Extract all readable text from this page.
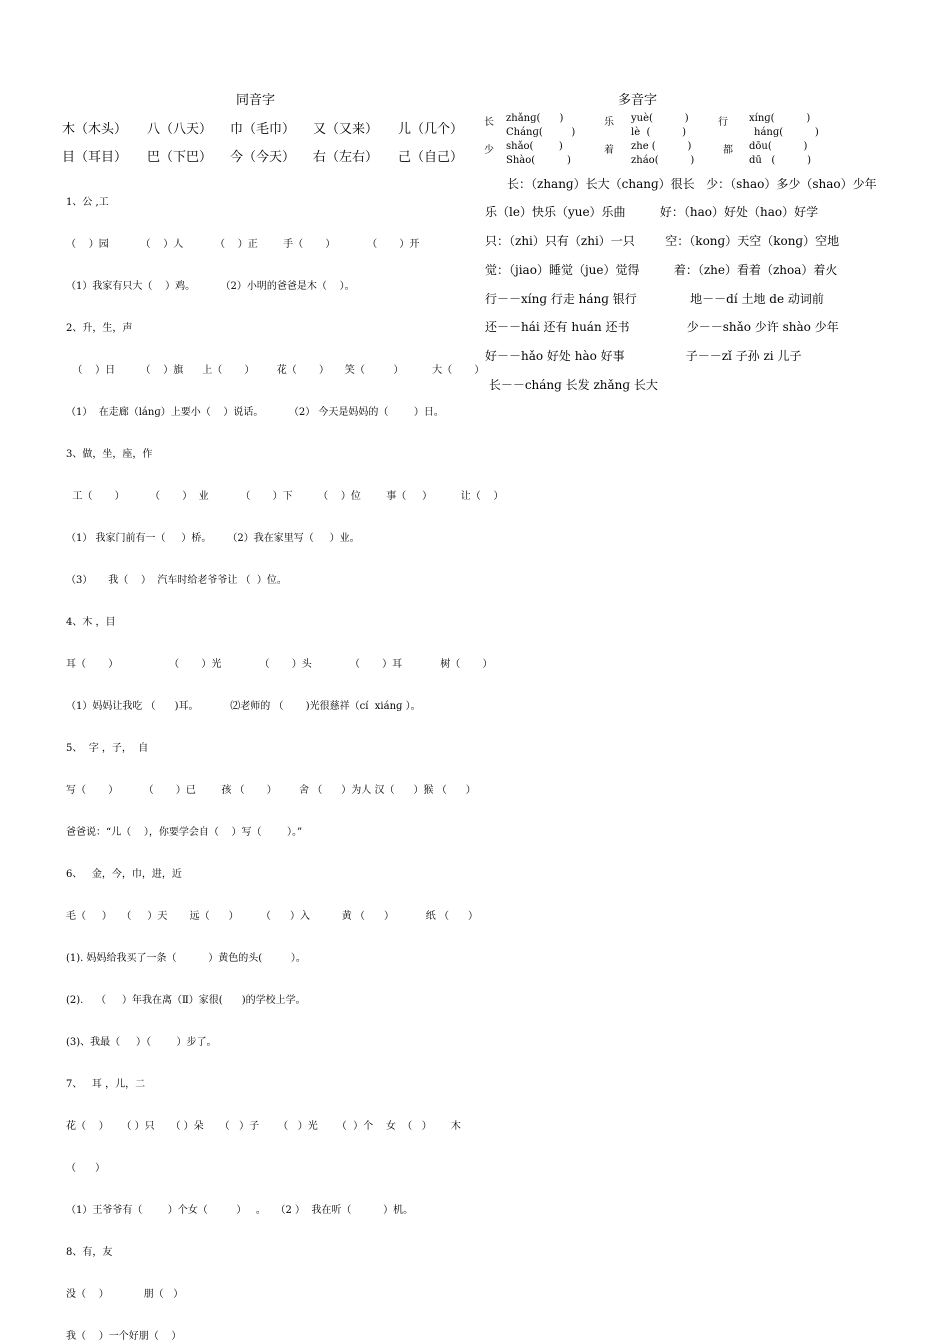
同音字
木（木头） 八（八天） 巾（毛巾） 又（又来） 儿（几个）
目（耳目） 巴（下巴） 今（今天） 右（左右） 己（自己）

1、公 ,工

（    ）园          （    ）人          （    ）正        手（       ）          （       ）开

（1）我家有只大（    ）鸡。        （2）小明的爸爸是木（    ）。

2、升，生，声

（    ）日        （    ）旗      上（       ）       花（       ）     笑（         ）         大（       ）

（1）  在走廊（lánɡ）上要小（    ）说话。        （2） 今天是妈妈的（        ）日。

3、做，坐，座，作

工（       ）        （       ）  业          （       ）下        （    ）位        事（     ）         让（    ）

（1） 我家门前有一（     ）桥。     （2）我在家里写（     ）业。

（3）     我（    ）  汽车时给老爷爷让 （  ）位。

4、木 ，目

耳（       ）                （       ）光            （       ）头            （       ）耳            树（       ）

（1）妈妈让我吃 （      )耳。          ⑵老师的 （       )光很慈祥（cí  xiánɡ ）。

5、  字 ，子，  自

写（       ）        （       ）已        孩 （       ）       舍 （      ）为人 汉（      ）猴 （      ）

爸爸说：“儿（    ），你要学会自（    ）写（        ）。”

6、   金，今，巾，进，近

毛（     ）   （     ）天       远（      ）       （      ）入          黄 （      ）          纸 （      ）

(1). 妈妈给我买了一条（          ）黄色的头(         ）。

(2).    （     ）年我在离（Ⅱ）家很(      )的学校上学。

(3)、我最（     ）（        ）步了。

7、   耳 ，儿，二

花（    ）    （ ）只     （ ）朵     （   ）子      （   ）光      （  ）个    女  （   ）      木

（      ）

（1）王爷爷有（        ）个女（         ）   。   （2 ）  我在听（          ）机。

8、有，友

没（    ）           朋（   ）

我（    ）一个好朋（    ）

多音字
长 zhǎnɡ(      )	乐 yuè(          )	行 xínɡ(          )
Chánɡ(         )	lè  (          )	hánɡ(          )
少 shǎo(        )	着 zhe (          )	都 dōu(          )
Shào(          )	zháo(          )	dū   (          )
长：（zhanɡ）长大（chanɡ）很长   少：（shao）多少（shao）少年
乐（le）快乐（yue）乐曲         好：（hao）好处（hao）好学
只：（zhi）只有（zhi）一只        空：（konɡ）天空（konɡ）空地
觉：（jiao）睡觉（jue）觉得         着：（zhe）看着（zhoa）着火
行－－xínɡ 行走 hánɡ 银行              地－－dí 土地 de 动词前
还－－hái 还有 huán 还书               少－－shǎo 少许 shào 少年
好－－hǎo 好处 hào 好事                子－－zǐ 子孙 zi 儿子
长－－chánɡ 长发 zhǎnɡ 长大
